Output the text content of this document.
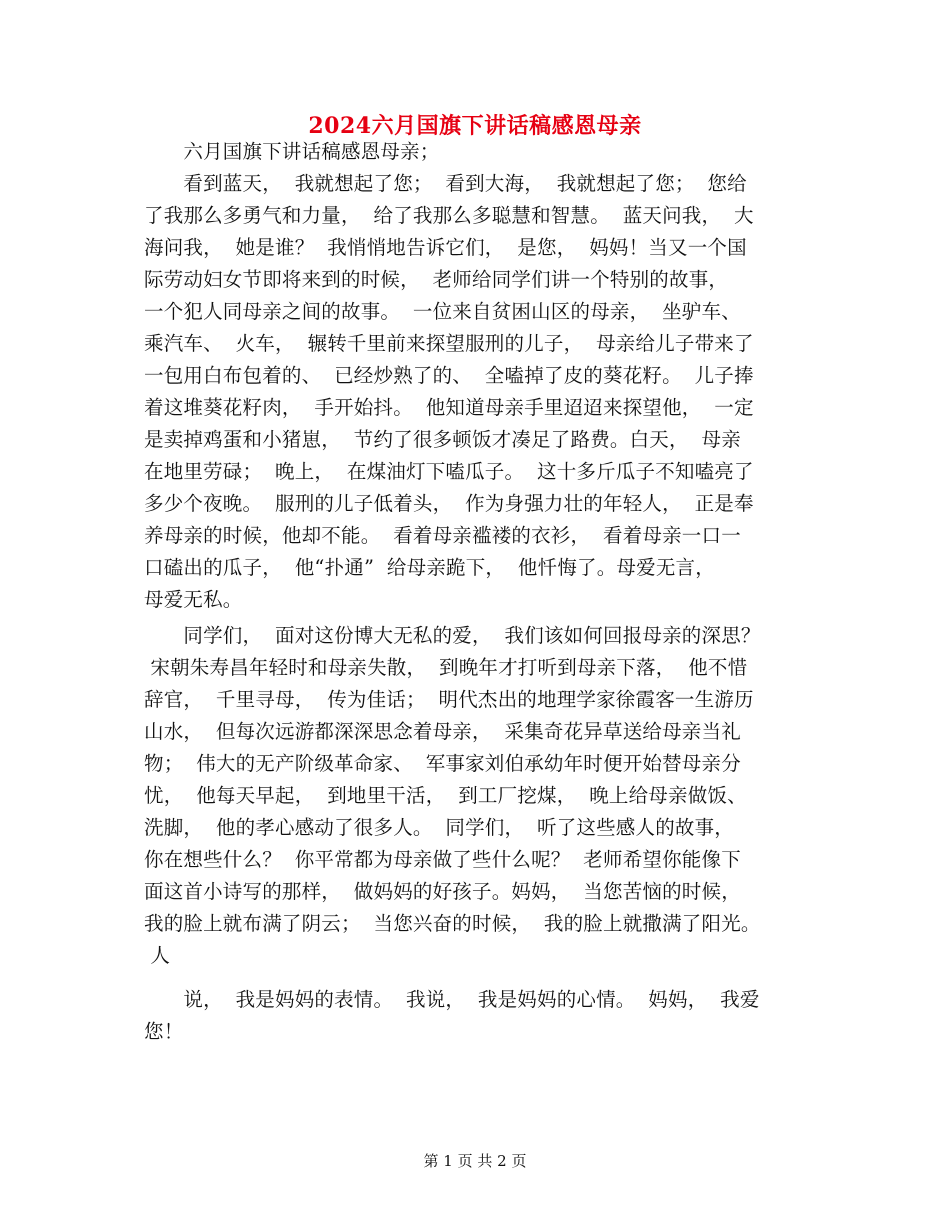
2024六月国旗下讲话稿感恩母亲
　　六月国旗下讲话稿感恩母亲；
　　看到蓝天，  我就想起了您；  看到大海，  我就想起了您；  您给
了我那么多勇气和力量，  给了我那么多聪慧和智慧。  蓝天问我，  大
海问我，  她是谁？  我悄悄地告诉它们，  是您，  妈妈！当又一个国
际劳动妇女节即将来到的时候，  老师给同学们讲一个特别的故事，
一个犯人同母亲之间的故事。  一位来自贫困山区的母亲，  坐驴车、
乘汽车、  火车，  辗转千里前来探望服刑的儿子，  母亲给儿子带来了
一包用白布包着的、  已经炒熟了的、  全嗑掉了皮的葵花籽。  儿子捧
着这堆葵花籽肉，  手开始抖。  他知道母亲手里迢迢来探望他，  一定
是卖掉鸡蛋和小猪崽，  节约了很多顿饭才凑足了路费。白天，  母亲
在地里劳碌；  晚上，  在煤油灯下嗑瓜子。  这十多斤瓜子不知嗑亮了
多少个夜晚。  服刑的儿子低着头，  作为身强力壮的年轻人，  正是奉
养母亲的时候，他却不能。  看着母亲褴褛的衣衫，  看着母亲一口一
口磕出的瓜子，  他“扑通”  给母亲跪下，  他忏悔了。母爱无言，
母爱无私。
　　同学们，  面对这份博大无私的爱，  我们该如何回报母亲的深思？
宋朝朱寿昌年轻时和母亲失散，  到晚年才打听到母亲下落，  他不惜
辞官，  千里寻母，  传为佳话；  明代杰出的地理学家徐霞客一生游历
山水，  但每次远游都深深思念着母亲，  采集奇花异草送给母亲当礼
物；  伟大的无产阶级革命家、  军事家刘伯承幼年时便开始替母亲分
忧，  他每天早起，  到地里干活，  到工厂挖煤，  晚上给母亲做饭、
洗脚，  他的孝心感动了很多人。  同学们，  听了这些感人的故事，
你在想些什么？  你平常都为母亲做了些什么呢？  老师希望你能像下
面这首小诗写的那样，  做妈妈的好孩子。妈妈，  当您苦恼的时候，
我的脸上就布满了阴云；  当您兴奋的时候，  我的脸上就撒满了阳光。
人
　　说，  我是妈妈的表情。  我说，  我是妈妈的心情。  妈妈，  我爱
您！
第 1 页 共 2 页
